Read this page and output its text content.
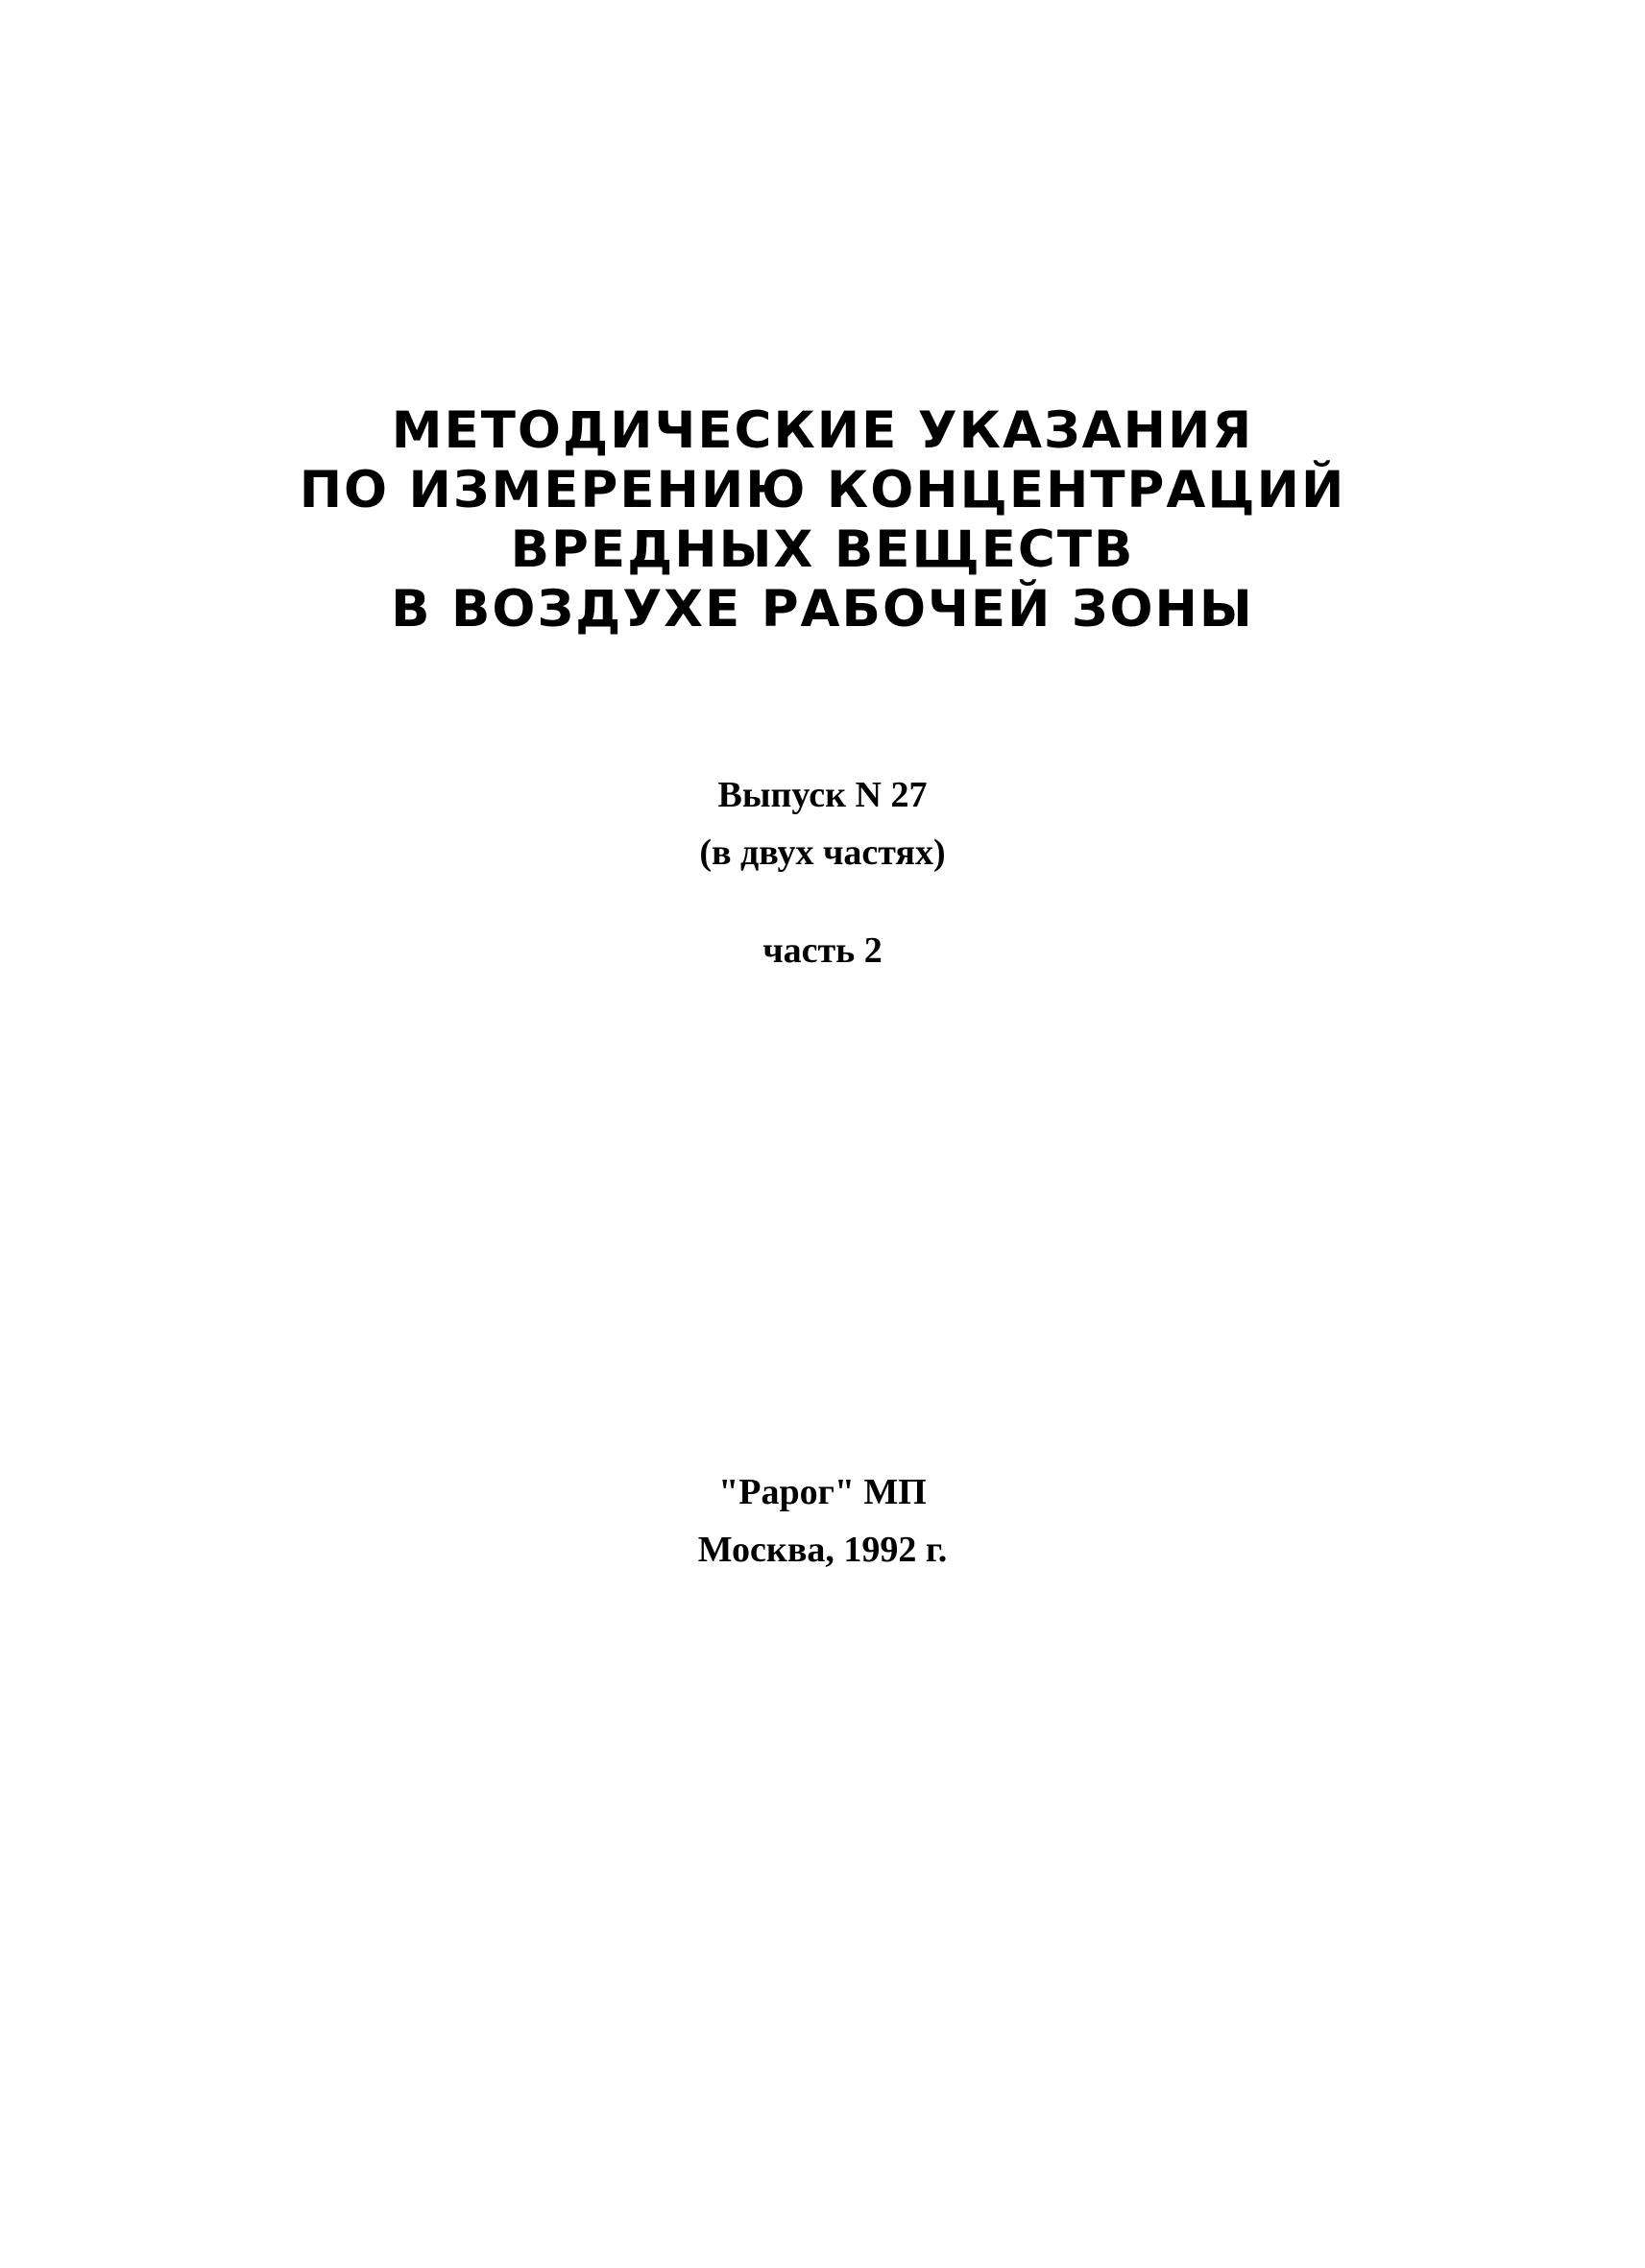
МЕТОДИЧЕСКИЕ УКАЗАНИЯ
ПО ИЗМЕРЕНИЮ КОНЦЕНТРАЦИЙ
ВРЕДНЫХ ВЕЩЕСТВ
В ВОЗДУХЕ РАБОЧЕЙ ЗОНЫ
Выпуск N 27
(в двух частях)
часть 2
"Рарог" МП
Москва, 1992 г.
